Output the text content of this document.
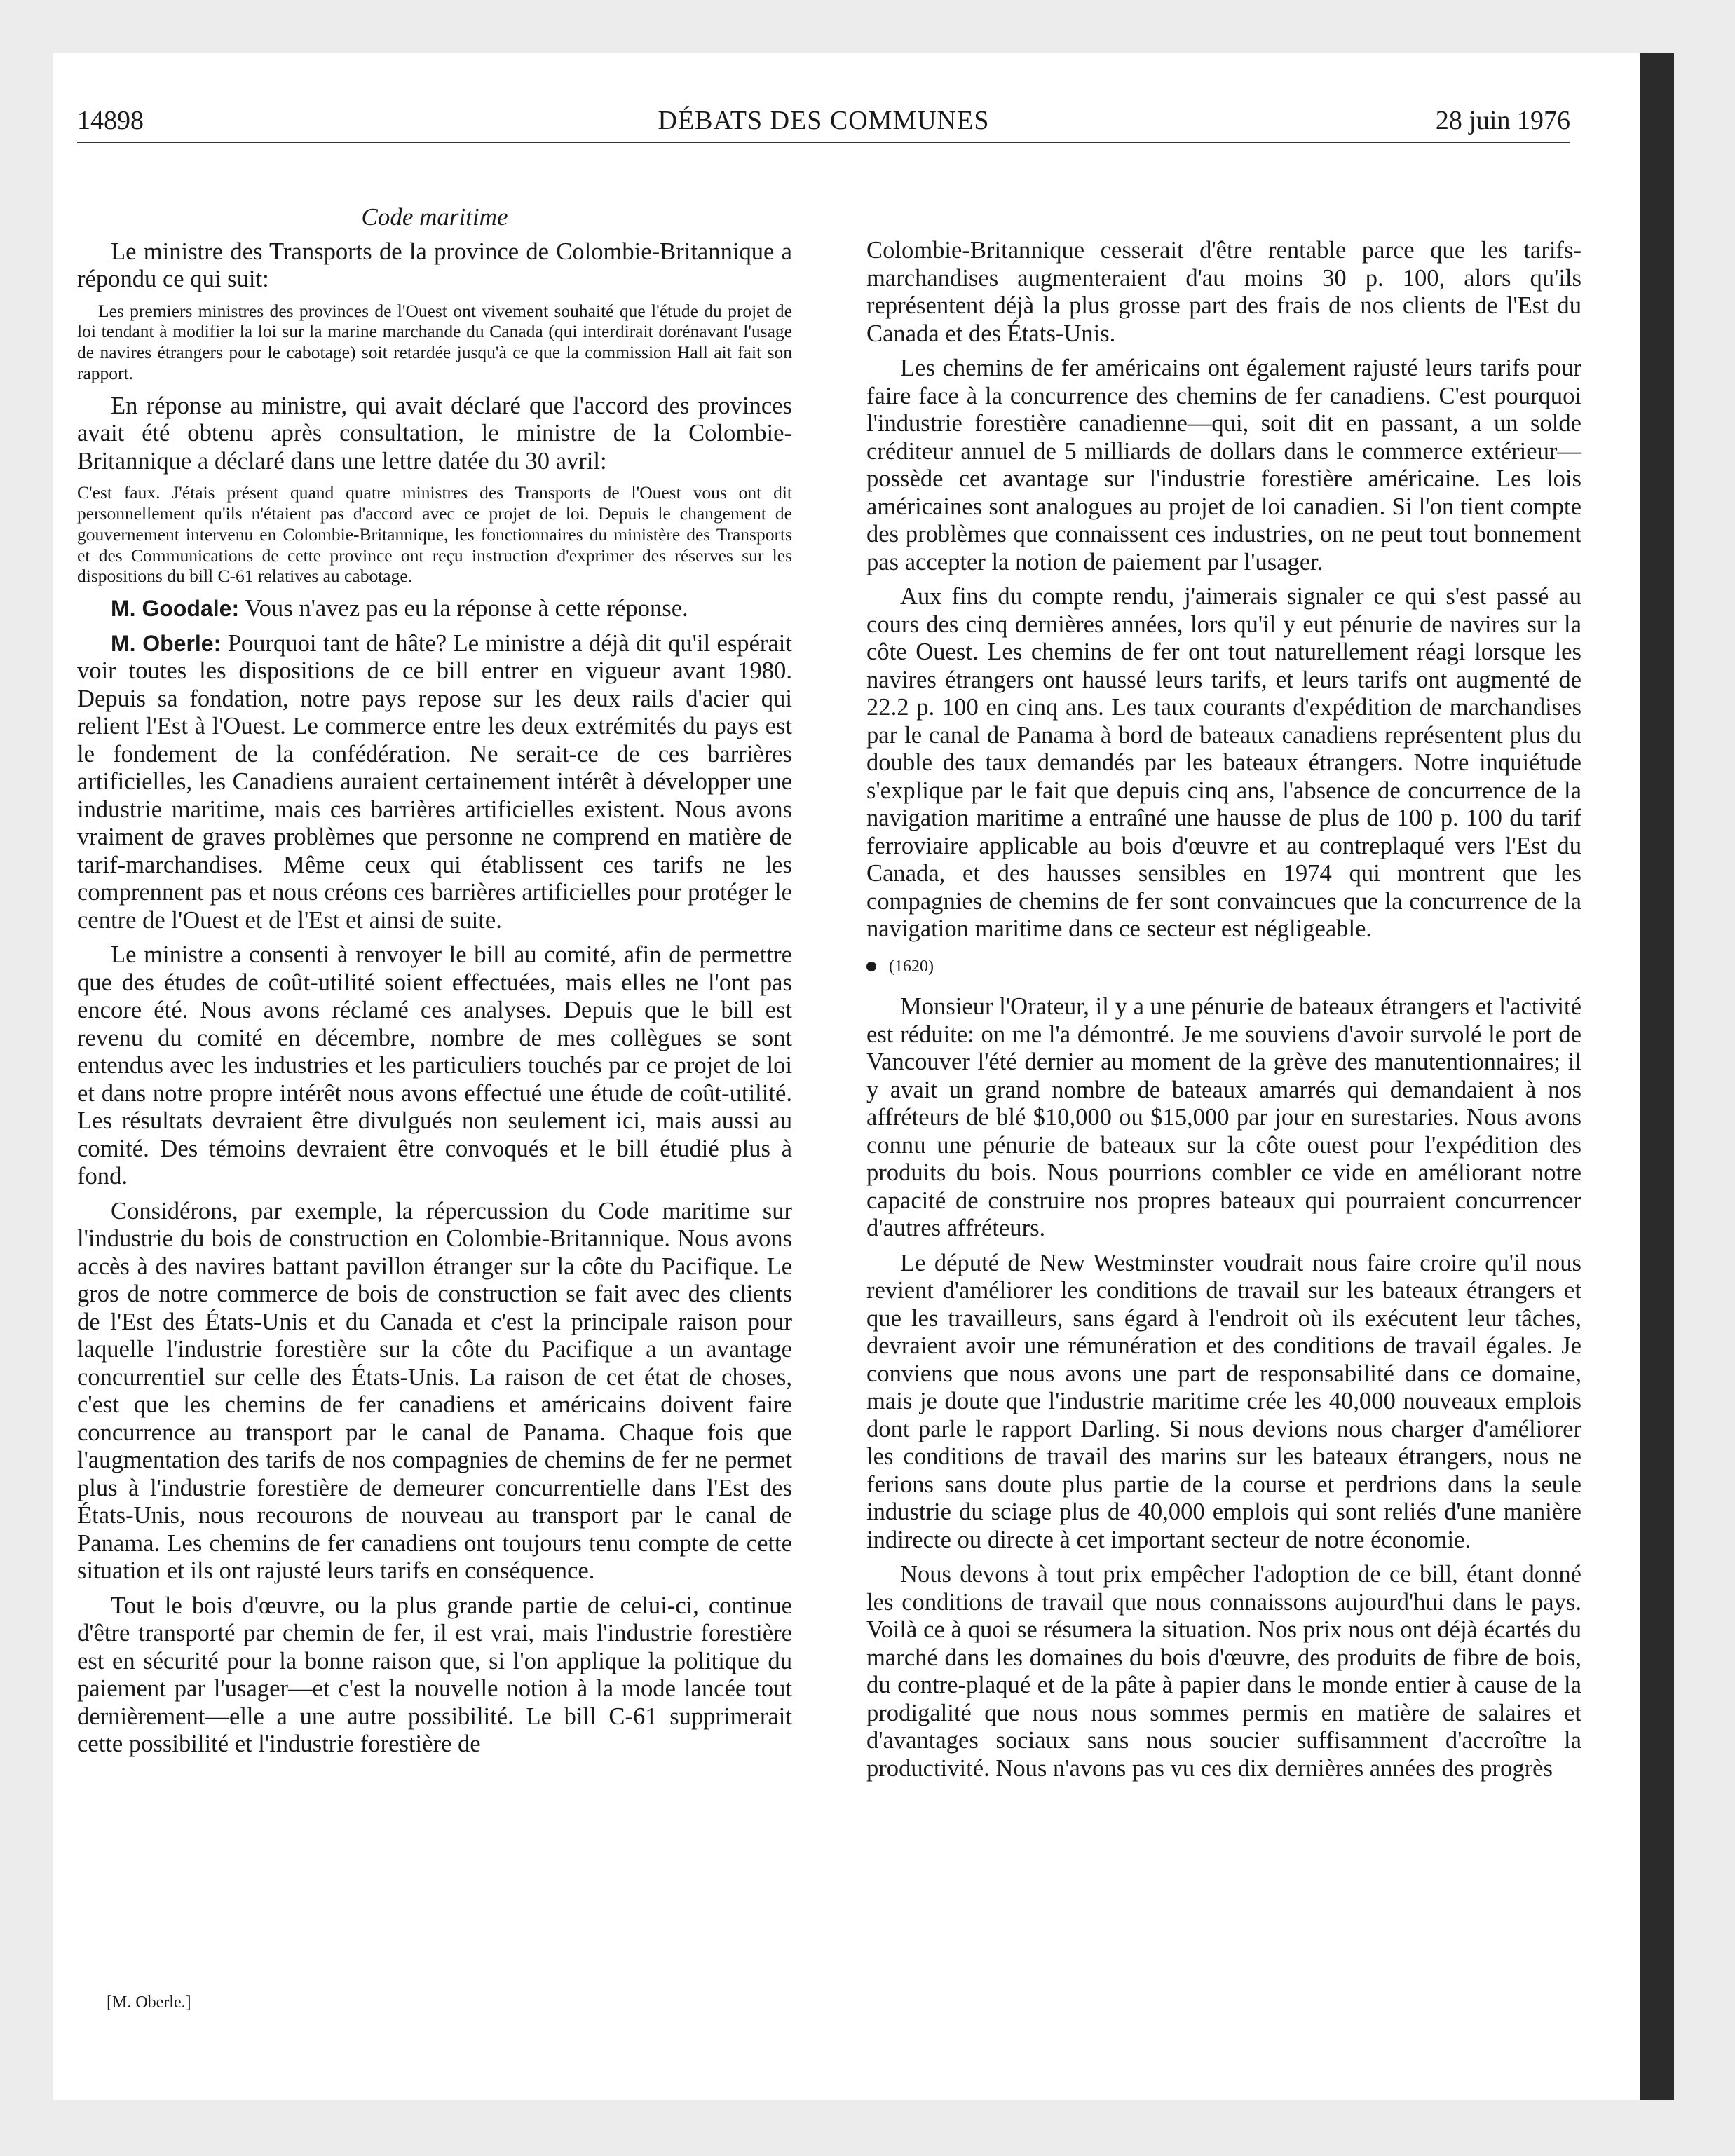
14898	DÉBATS DES COMMUNES	28 juin 1976
Code maritime

Le ministre des Transports de la province de Colombie-Britannique a répondu ce qui suit:

Les premiers ministres des provinces de l'Ouest ont vivement souhaité que l'étude du projet de loi tendant à modifier la loi sur la marine marchande du Canada (qui interdirait dorénavant l'usage de navires étrangers pour le cabotage) soit retardée jusqu'à ce que la commission Hall ait fait son rapport.

En réponse au ministre, qui avait déclaré que l'accord des provinces avait été obtenu après consultation, le ministre de la Colombie-Britannique a déclaré dans une lettre datée du 30 avril:

C'est faux. J'étais présent quand quatre ministres des Transports de l'Ouest vous ont dit personnellement qu'ils n'étaient pas d'accord avec ce projet de loi. Depuis le changement de gouvernement intervenu en Colombie-Britannique, les fonctionnaires du ministère des Transports et des Communications de cette province ont reçu instruction d'exprimer des réserves sur les dispositions du bill C-61 relatives au cabotage.

M. Goodale: Vous n'avez pas eu la réponse à cette réponse.

M. Oberle: Pourquoi tant de hâte? Le ministre a déjà dit qu'il espérait voir toutes les dispositions de ce bill entrer en vigueur avant 1980. Depuis sa fondation, notre pays repose sur les deux rails d'acier qui relient l'Est à l'Ouest. Le commerce entre les deux extrémités du pays est le fondement de la confédération. Ne serait-ce de ces barrières artificielles, les Canadiens auraient certainement intérêt à développer une industrie maritime, mais ces barrières artificielles existent. Nous avons vraiment de graves problèmes que personne ne comprend en matière de tarif-marchandises. Même ceux qui établissent ces tarifs ne les comprennent pas et nous créons ces barrières artificielles pour protéger le centre de l'Ouest et de l'Est et ainsi de suite.

Le ministre a consenti à renvoyer le bill au comité, afin de permettre que des études de coût-utilité soient effectuées, mais elles ne l'ont pas encore été. Nous avons réclamé ces analyses. Depuis que le bill est revenu du comité en décembre, nombre de mes collègues se sont entendus avec les industries et les particuliers touchés par ce projet de loi et dans notre propre intérêt nous avons effectué une étude de coût-utilité. Les résultats devraient être divulgués non seulement ici, mais aussi au comité. Des témoins devraient être convoqués et le bill étudié plus à fond.

Considérons, par exemple, la répercussion du Code maritime sur l'industrie du bois de construction en Colombie-Britannique. Nous avons accès à des navires battant pavillon étranger sur la côte du Pacifique. Le gros de notre commerce de bois de construction se fait avec des clients de l'Est des États-Unis et du Canada et c'est la principale raison pour laquelle l'industrie forestière sur la côte du Pacifique a un avantage concurrentiel sur celle des États-Unis. La raison de cet état de choses, c'est que les chemins de fer canadiens et américains doivent faire concurrence au transport par le canal de Panama. Chaque fois que l'augmentation des tarifs de nos compagnies de chemins de fer ne permet plus à l'industrie forestière de demeurer concurrentielle dans l'Est des États-Unis, nous recourons de nouveau au transport par le canal de Panama. Les chemins de fer canadiens ont toujours tenu compte de cette situation et ils ont rajusté leurs tarifs en conséquence.

Tout le bois d'œuvre, ou la plus grande partie de celui-ci, continue d'être transporté par chemin de fer, il est vrai, mais l'industrie forestière est en sécurité pour la bonne raison que, si l'on applique la politique du paiement par l'usager—et c'est la nouvelle notion à la mode lancée tout dernièrement—elle a une autre possibilité. Le bill C-61 supprimerait cette possibilité et l'industrie forestière de

Colombie-Britannique cesserait d'être rentable parce que les tarifs-marchandises augmenteraient d'au moins 30 p. 100, alors qu'ils représentent déjà la plus grosse part des frais de nos clients de l'Est du Canada et des États-Unis.

Les chemins de fer américains ont également rajusté leurs tarifs pour faire face à la concurrence des chemins de fer canadiens. C'est pourquoi l'industrie forestière canadienne—qui, soit dit en passant, a un solde créditeur annuel de 5 milliards de dollars dans le commerce extérieur—possède cet avantage sur l'industrie forestière américaine. Les lois américaines sont analogues au projet de loi canadien. Si l'on tient compte des problèmes que connaissent ces industries, on ne peut tout bonnement pas accepter la notion de paiement par l'usager.

Aux fins du compte rendu, j'aimerais signaler ce qui s'est passé au cours des cinq dernières années, lors qu'il y eut pénurie de navires sur la côte Ouest. Les chemins de fer ont tout naturellement réagi lorsque les navires étrangers ont haussé leurs tarifs, et leurs tarifs ont augmenté de 22.2 p. 100 en cinq ans. Les taux courants d'expédition de marchandises par le canal de Panama à bord de bateaux canadiens représentent plus du double des taux demandés par les bateaux étrangers. Notre inquiétude s'explique par le fait que depuis cinq ans, l'absence de concurrence de la navigation maritime a entraîné une hausse de plus de 100 p. 100 du tarif ferroviaire applicable au bois d'œuvre et au contreplaqué vers l'Est du Canada, et des hausses sensibles en 1974 qui montrent que les compagnies de chemins de fer sont convaincues que la concurrence de la navigation maritime dans ce secteur est négligeable.

(1620)

Monsieur l'Orateur, il y a une pénurie de bateaux étrangers et l'activité est réduite: on me l'a démontré. Je me souviens d'avoir survolé le port de Vancouver l'été dernier au moment de la grève des manutentionnaires; il y avait un grand nombre de bateaux amarrés qui demandaient à nos affréteurs de blé $10,000 ou $15,000 par jour en surestaries. Nous avons connu une pénurie de bateaux sur la côte ouest pour l'expédition des produits du bois. Nous pourrions combler ce vide en améliorant notre capacité de construire nos propres bateaux qui pourraient concurrencer d'autres affréteurs.

Le député de New Westminster voudrait nous faire croire qu'il nous revient d'améliorer les conditions de travail sur les bateaux étrangers et que les travailleurs, sans égard à l'endroit où ils exécutent leur tâches, devraient avoir une rémunération et des conditions de travail égales. Je conviens que nous avons une part de responsabilité dans ce domaine, mais je doute que l'industrie maritime crée les 40,000 nouveaux emplois dont parle le rapport Darling. Si nous devions nous charger d'améliorer les conditions de travail des marins sur les bateaux étrangers, nous ne ferions sans doute plus partie de la course et perdrions dans la seule industrie du sciage plus de 40,000 emplois qui sont reliés d'une manière indirecte ou directe à cet important secteur de notre économie.

Nous devons à tout prix empêcher l'adoption de ce bill, étant donné les conditions de travail que nous connaissons aujourd'hui dans le pays. Voilà ce à quoi se résumera la situation. Nos prix nous ont déjà écartés du marché dans les domaines du bois d'œuvre, des produits de fibre de bois, du contre-plaqué et de la pâte à papier dans le monde entier à cause de la prodigalité que nous nous sommes permis en matière de salaires et d'avantages sociaux sans nous soucier suffisamment d'accroître la productivité. Nous n'avons pas vu ces dix dernières années des progrès

[M. Oberle.]
